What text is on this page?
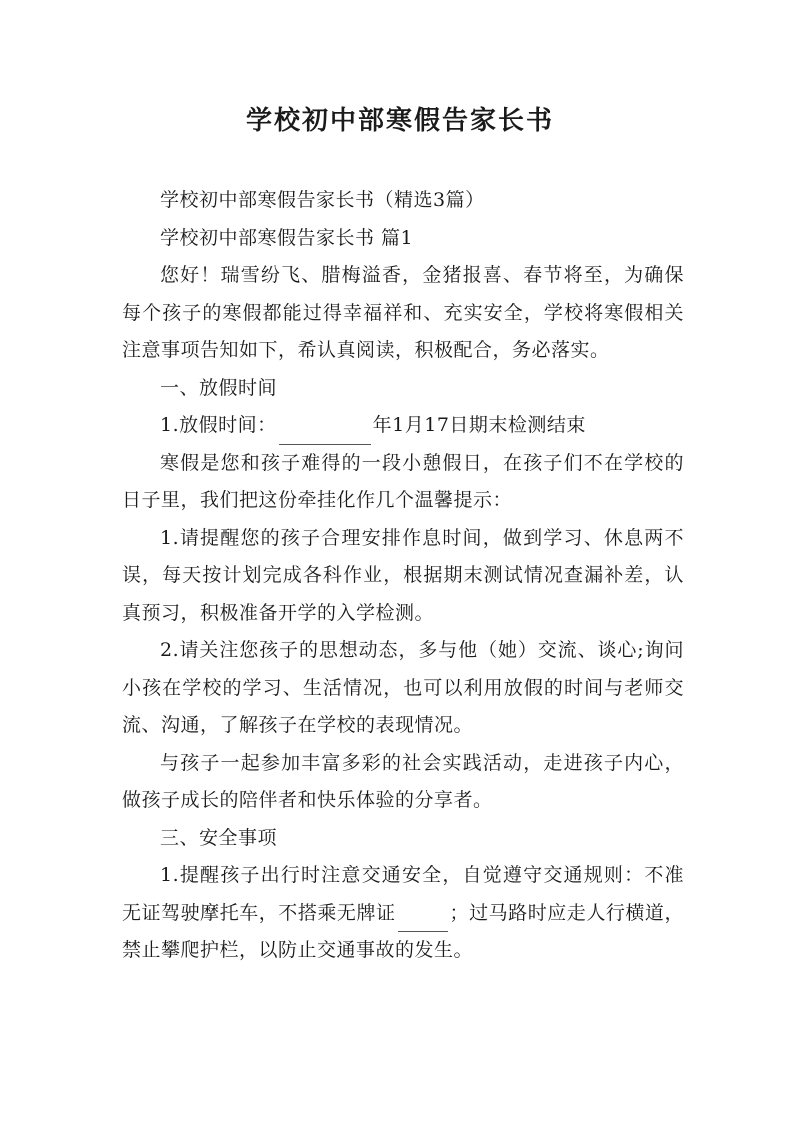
学校初中部寒假告家长书

学校初中部寒假告家长书（精选3篇）

学校初中部寒假告家长书 篇1

您好！瑞雪纷飞、腊梅溢香，金猪报喜、春节将至，为确保每个孩子的寒假都能过得幸福祥和、充实安全，学校将寒假相关注意事项告知如下，希认真阅读，积极配合，务必落实。

一、放假时间

1.放假时间：	年1月17日期末检测结束

寒假是您和孩子难得的一段小憩假日，在孩子们不在学校的日子里，我们把这份牵挂化作几个温馨提示：

1.请提醒您的孩子合理安排作息时间，做到学习、休息两不误，每天按计划完成各科作业，根据期末测试情况查漏补差，认真预习，积极准备开学的入学检测。

2.请关注您孩子的思想动态，多与他（她）交流、谈心;询问小孩在学校的学习、生活情况，也可以利用放假的时间与老师交流、沟通，了解孩子在学校的表现情况。

与孩子一起参加丰富多彩的社会实践活动，走进孩子内心，做孩子成长的陪伴者和快乐体验的分享者。

三、安全事项

1.提醒孩子出行时注意交通安全，自觉遵守交通规则：不准无证驾驶摩托车，不搭乘无牌证	；过马路时应走人行横道，禁止攀爬护栏，以防止交通事故的发生。
